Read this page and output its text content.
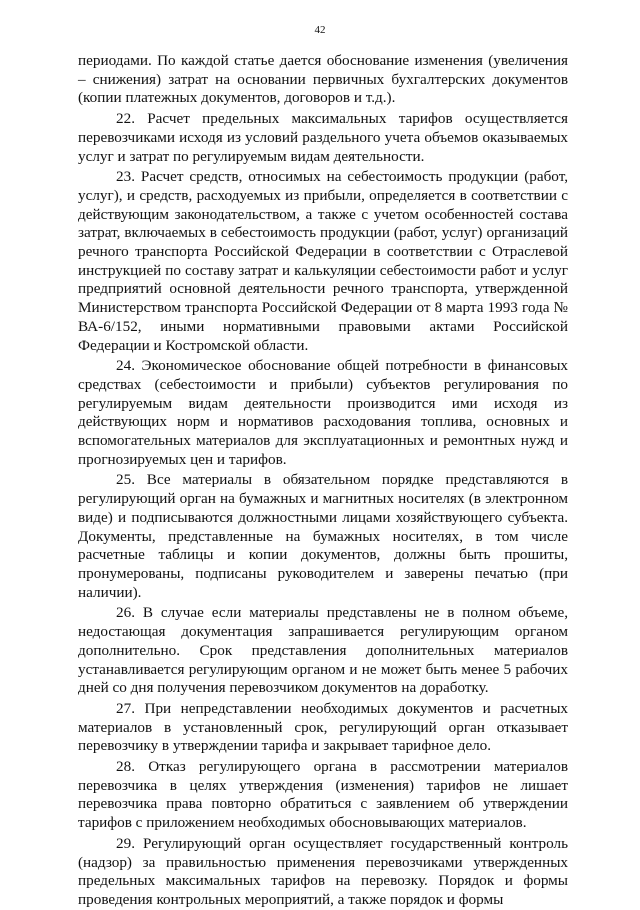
42

периодами. По каждой статье дается обоснование изменения (увеличения – снижения) затрат на основании первичных бухгалтерских документов (копии платежных документов, договоров и т.д.).

22. Расчет предельных максимальных тарифов осуществляется перевозчиками исходя из условий раздельного учета объемов оказываемых услуг и затрат по регулируемым видам деятельности.

23. Расчет средств, относимых на себестоимость продукции (работ, услуг), и средств, расходуемых из прибыли, определяется в соответствии с действующим законодательством, а также с учетом особенностей состава затрат, включаемых в себестоимость продукции (работ, услуг) организаций речного транспорта Российской Федерации в соответствии с Отраслевой инструкцией по составу затрат и калькуляции себестоимости работ и услуг предприятий основной деятельности речного транспорта, утвержденной Министерством транспорта Российской Федерации от 8 марта 1993 года № ВА-6/152, иными нормативными правовыми актами Российской Федерации и Костромской области.

24. Экономическое обоснование общей потребности в финансовых средствах (себестоимости и прибыли) субъектов регулирования по регулируемым видам деятельности производится ими исходя из действующих норм и нормативов расходования топлива, основных и вспомогательных материалов для эксплуатационных и ремонтных нужд и прогнозируемых цен и тарифов.

25. Все материалы в обязательном порядке представляются в регулирующий орган на бумажных и магнитных носителях (в электронном виде) и подписываются должностными лицами хозяйствующего субъекта. Документы, представленные на бумажных носителях, в том числе расчетные таблицы и копии документов, должны быть прошиты, пронумерованы, подписаны руководителем и заверены печатью (при наличии).

26. В случае если материалы представлены не в полном объеме, недостающая документация запрашивается регулирующим органом дополнительно. Срок представления дополнительных материалов устанавливается регулирующим органом и не может быть менее 5 рабочих дней со дня получения перевозчиком документов на доработку.

27. При непредставлении необходимых документов и расчетных материалов в установленный срок, регулирующий орган отказывает перевозчику в утверждении тарифа и закрывает тарифное дело.

28. Отказ регулирующего органа в рассмотрении материалов перевозчика в целях утверждения (изменения) тарифов не лишает перевозчика права повторно обратиться с заявлением об утверждении тарифов с приложением необходимых обосновывающих материалов.

29. Регулирующий орган осуществляет государственный контроль (надзор) за правильностью применения перевозчиками утвержденных предельных максимальных тарифов на перевозку. Порядок и формы проведения контрольных мероприятий, а также порядок и формы
